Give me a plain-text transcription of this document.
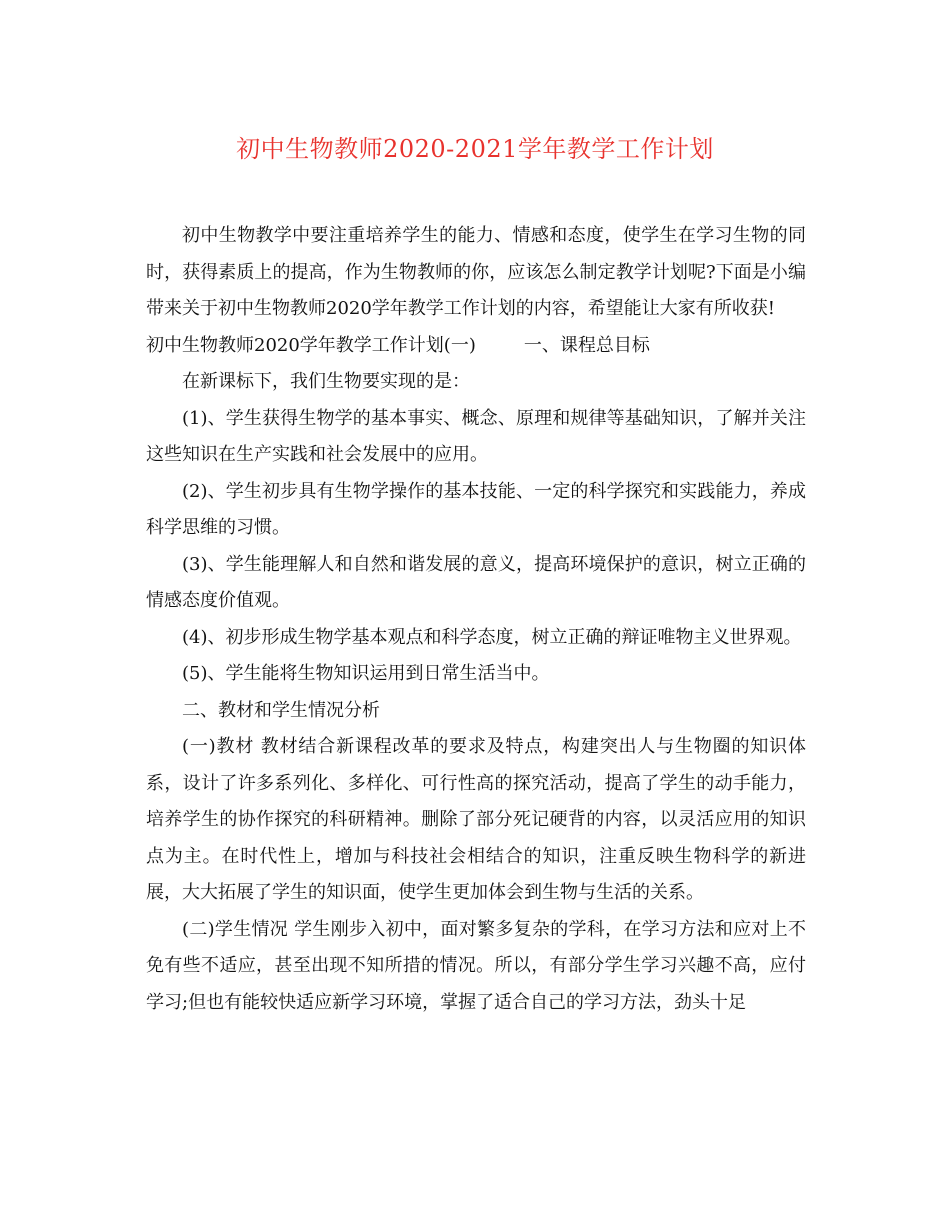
初中生物教师2020-2021学年教学工作计划

初中生物教学中要注重培养学生的能力、情感和态度，使学生在学习生物的同时，获得素质上的提高，作为生物教师的你，应该怎么制定教学计划呢?下面是小编带来关于初中生物教师2020学年教学工作计划的内容，希望能让大家有所收获!

初中生物教师2020学年教学工作计划(一)	一、课程总目标

在新课标下，我们生物要实现的是：

(1)、学生获得生物学的基本事实、概念、原理和规律等基础知识，了解并关注这些知识在生产实践和社会发展中的应用。

(2)、学生初步具有生物学操作的基本技能、一定的科学探究和实践能力，养成科学思维的习惯。

(3)、学生能理解人和自然和谐发展的意义，提高环境保护的意识，树立正确的情感态度价值观。

(4)、初步形成生物学基本观点和科学态度，树立正确的辩证唯物主义世界观。

(5)、学生能将生物知识运用到日常生活当中。

二、教材和学生情况分析

(一)教材 教材结合新课程改革的要求及特点，构建突出人与生物圈的知识体系，设计了许多系列化、多样化、可行性高的探究活动，提高了学生的动手能力，培养学生的协作探究的科研精神。删除了部分死记硬背的内容，以灵活应用的知识点为主。在时代性上，增加与科技社会相结合的知识，注重反映生物科学的新进展，大大拓展了学生的知识面，使学生更加体会到生物与生活的关系。

(二)学生情况 学生刚步入初中，面对繁多复杂的学科，在学习方法和应对上不免有些不适应，甚至出现不知所措的情况。所以，有部分学生学习兴趣不高，应付学习;但也有能较快适应新学习环境，掌握了适合自己的学习方法，劲头十足
